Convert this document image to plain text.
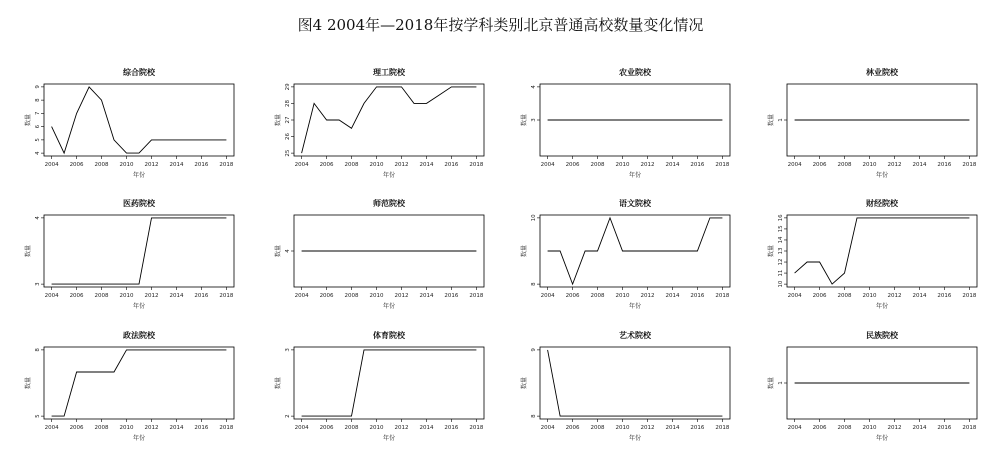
图4 2004年—2018年按学科类别北京普通高校数量变化情况
综合院校
2004 2006 2008 2010 2012 2014 2016 2018
年份
4
5
6
7
8
9
数量
理工院校
2004 2006 2008 2010 2012 2014 2016 2018
年份
25
26
27
28
29
数量
农业院校
2004 2006 2008 2010 2012 2014 2016 2018
年份
3
4
数量
林业院校
2004 2006 2008 2010 2012 2014 2016 2018
年份
1
数量
医药院校
2004 2006 2008 2010 2012 2014 2016 2018
年份
3
4
数量
师范院校
2004 2006 2008 2010 2012 2014 2016 2018
年份
4
数量
语文院校
2004 2006 2008 2010 2012 2014 2016 2018
年份
8
10
数量
财经院校
2004 2006 2008 2010 2012 2014 2016 2018
年份
10
11
12
13
14
15
16
数量
政法院校
2004 2006 2008 2010 2012 2014 2016 2018
年份
5
8
数量
体育院校
2004 2006 2008 2010 2012 2014 2016 2018
年份
2
3
数量
艺术院校
2004 2006 2008 2010 2012 2014 2016 2018
年份
8
9
数量
民族院校
2004 2006 2008 2010 2012 2014 2016 2018
年份
1
数量
